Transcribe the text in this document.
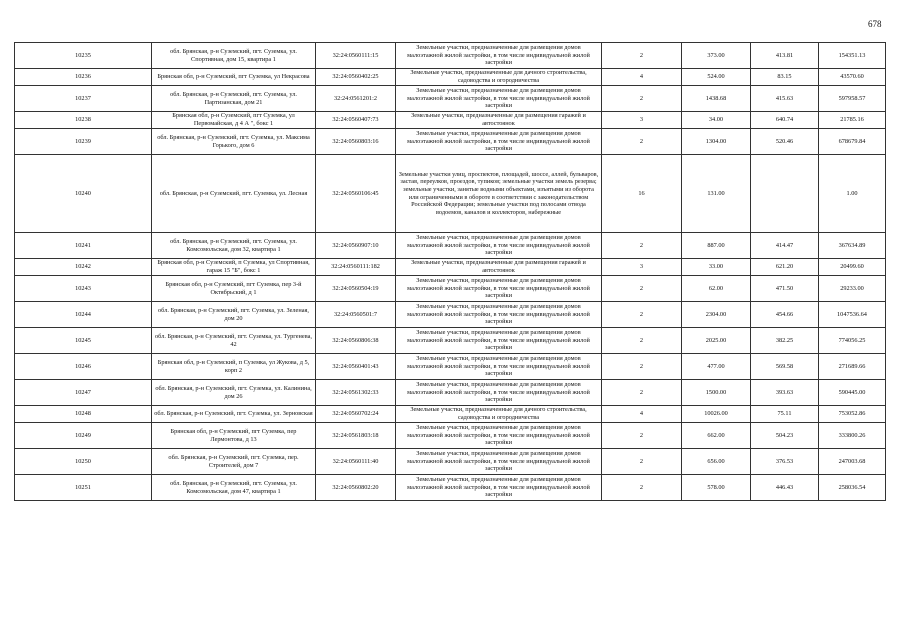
678
10235	обл. Брянская, р-н Суземский, пгт. Суземка, ул. Спортивная, дом 15, квартира 1	32:24:0560111:15	Земельные участки, предназначенные для размещения домов малоэтажной жилой застройки, в том числе индивидуальной жилой застройки	2	373.00	413.81	154351.13
10236	Брянская обл, р-н Суземский, пгт Суземка, ул Некрасова	32:24:0560402:25	Земельные участки, предназначенные для дачного строительства, садоводства и огородничества	4	524.00	83.15	43570.60
10237	обл. Брянская, р-н Суземский, пгт. Суземка, ул. Партизанская, дом 21	32:24:0561201:2	Земельные участки, предназначенные для размещения домов малоэтажной жилой застройки, в том числе индивидуальной жилой застройки	2	1438.68	415.63	597958.57
10238	Брянская обл, р-н Суземский, пгт Суземка, ул Первомайская, д 4 А ", бокс 1	32:24:0560407:73	Земельные участки, предназначенные для размещения гаражей и автостоянок	3	34.00	640.74	21785.16
10239	обл. Брянская, р-н Суземский, пгт. Суземка, ул. Максима Горького, дом 6	32:24:0560803:16	Земельные участки, предназначенные для размещения домов малоэтажной жилой застройки, в том числе индивидуальной жилой застройки	2	1304.00	520.46	678679.84
10240	обл. Брянская, р-н Суземский, пгт. Суземка, ул. Лесная	32:24:0560106:45	Земельные участки улиц, проспектов, площадей, шоссе, аллей, бульваров, застав, переулков, проездов, тупиков; земельные участки земель резерва; земельные участки, занятые водными объектами, изъятыми из оборота или ограниченными в обороте в соответствии с законодательством Российской Федерации; земельные участки под полосами отвода водоемов, каналов и коллекторов, набережные	16	131.00		1.00
10241	обл. Брянская, р-н Суземский, пгт. Суземка, ул. Комсомольская, дом 32, квартира 1	32:24:0560907:10	Земельные участки, предназначенные для размещения домов малоэтажной жилой застройки, в том числе индивидуальной жилой застройки	2	887.00	414.47	367634.89
10242	Брянская обл, р-н Суземский, п Суземка, ул Спортивная, гараж 15 "Б", бокс 1	32:24:0560111:182	Земельные участки, предназначенные для размещения гаражей и автостоянок	3	33.00	621.20	20499.60
10243	Брянская обл, р-н Суземский, пгт Суземка, пер 3-й Октябрьский, д 1	32:24:0560504:19	Земельные участки, предназначенные для размещения домов малоэтажной жилой застройки, в том числе индивидуальной жилой застройки	2	62.00	471.50	29233.00
10244	обл. Брянская, р-н Суземский, пгт. Суземка, ул. Зеленая, дом 20	32:24:0560501:7	Земельные участки, предназначенные для размещения домов малоэтажной жилой застройки, в том числе индивидуальной жилой застройки	2	2304.00	454.66	1047536.64
10245	обл. Брянская, р-н Суземский, пгт. Суземка, ул. Тургенева, 42	32:24:0560806:38	Земельные участки, предназначенные для размещения домов малоэтажной жилой застройки, в том числе индивидуальной жилой застройки	2	2025.00	382.25	774056.25
10246	Брянская обл, р-н Суземский, п Суземка, ул Жукова, д 5, корп 2	32:24:0560401:43	Земельные участки, предназначенные для размещения домов малоэтажной жилой застройки, в том числе индивидуальной жилой застройки	2	477.00	569.58	271689.66
10247	обл. Брянская, р-н Суземский, пгт. Суземка, ул. Калинина, дом 26	32:24:0561302:33	Земельные участки, предназначенные для размещения домов малоэтажной жилой застройки, в том числе индивидуальной жилой застройки	2	1500.00	393.63	590445.00
10248	обл. Брянская, р-н Суземский, пгт. Суземка, ул. Зерновская	32:24:0560702:24	Земельные участки, предназначенные для дачного строительства, садоводства и огородничества	4	10026.00	75.11	753052.86
10249	Брянская обл, р-н Суземский, пгт Суземка, пер Лермонтова, д 13	32:24:0561803:18	Земельные участки, предназначенные для размещения домов малоэтажной жилой застройки, в том числе индивидуальной жилой застройки	2	662.00	504.23	333800.26
10250	обл. Брянская, р-н Суземский, пгт. Суземка, пер. Строителей, дом 7	32:24:0560111:40	Земельные участки, предназначенные для размещения домов малоэтажной жилой застройки, в том числе индивидуальной жилой застройки	2	656.00	376.53	247003.68
10251	обл. Брянская, р-н Суземский, пгт. Суземка, ул. Комсомольская, дом 47, квартира 1	32:24:0560802:20	Земельные участки, предназначенные для размещения домов малоэтажной жилой застройки, в том числе индивидуальной жилой застройки	2	578.00	446.43	258036.54
